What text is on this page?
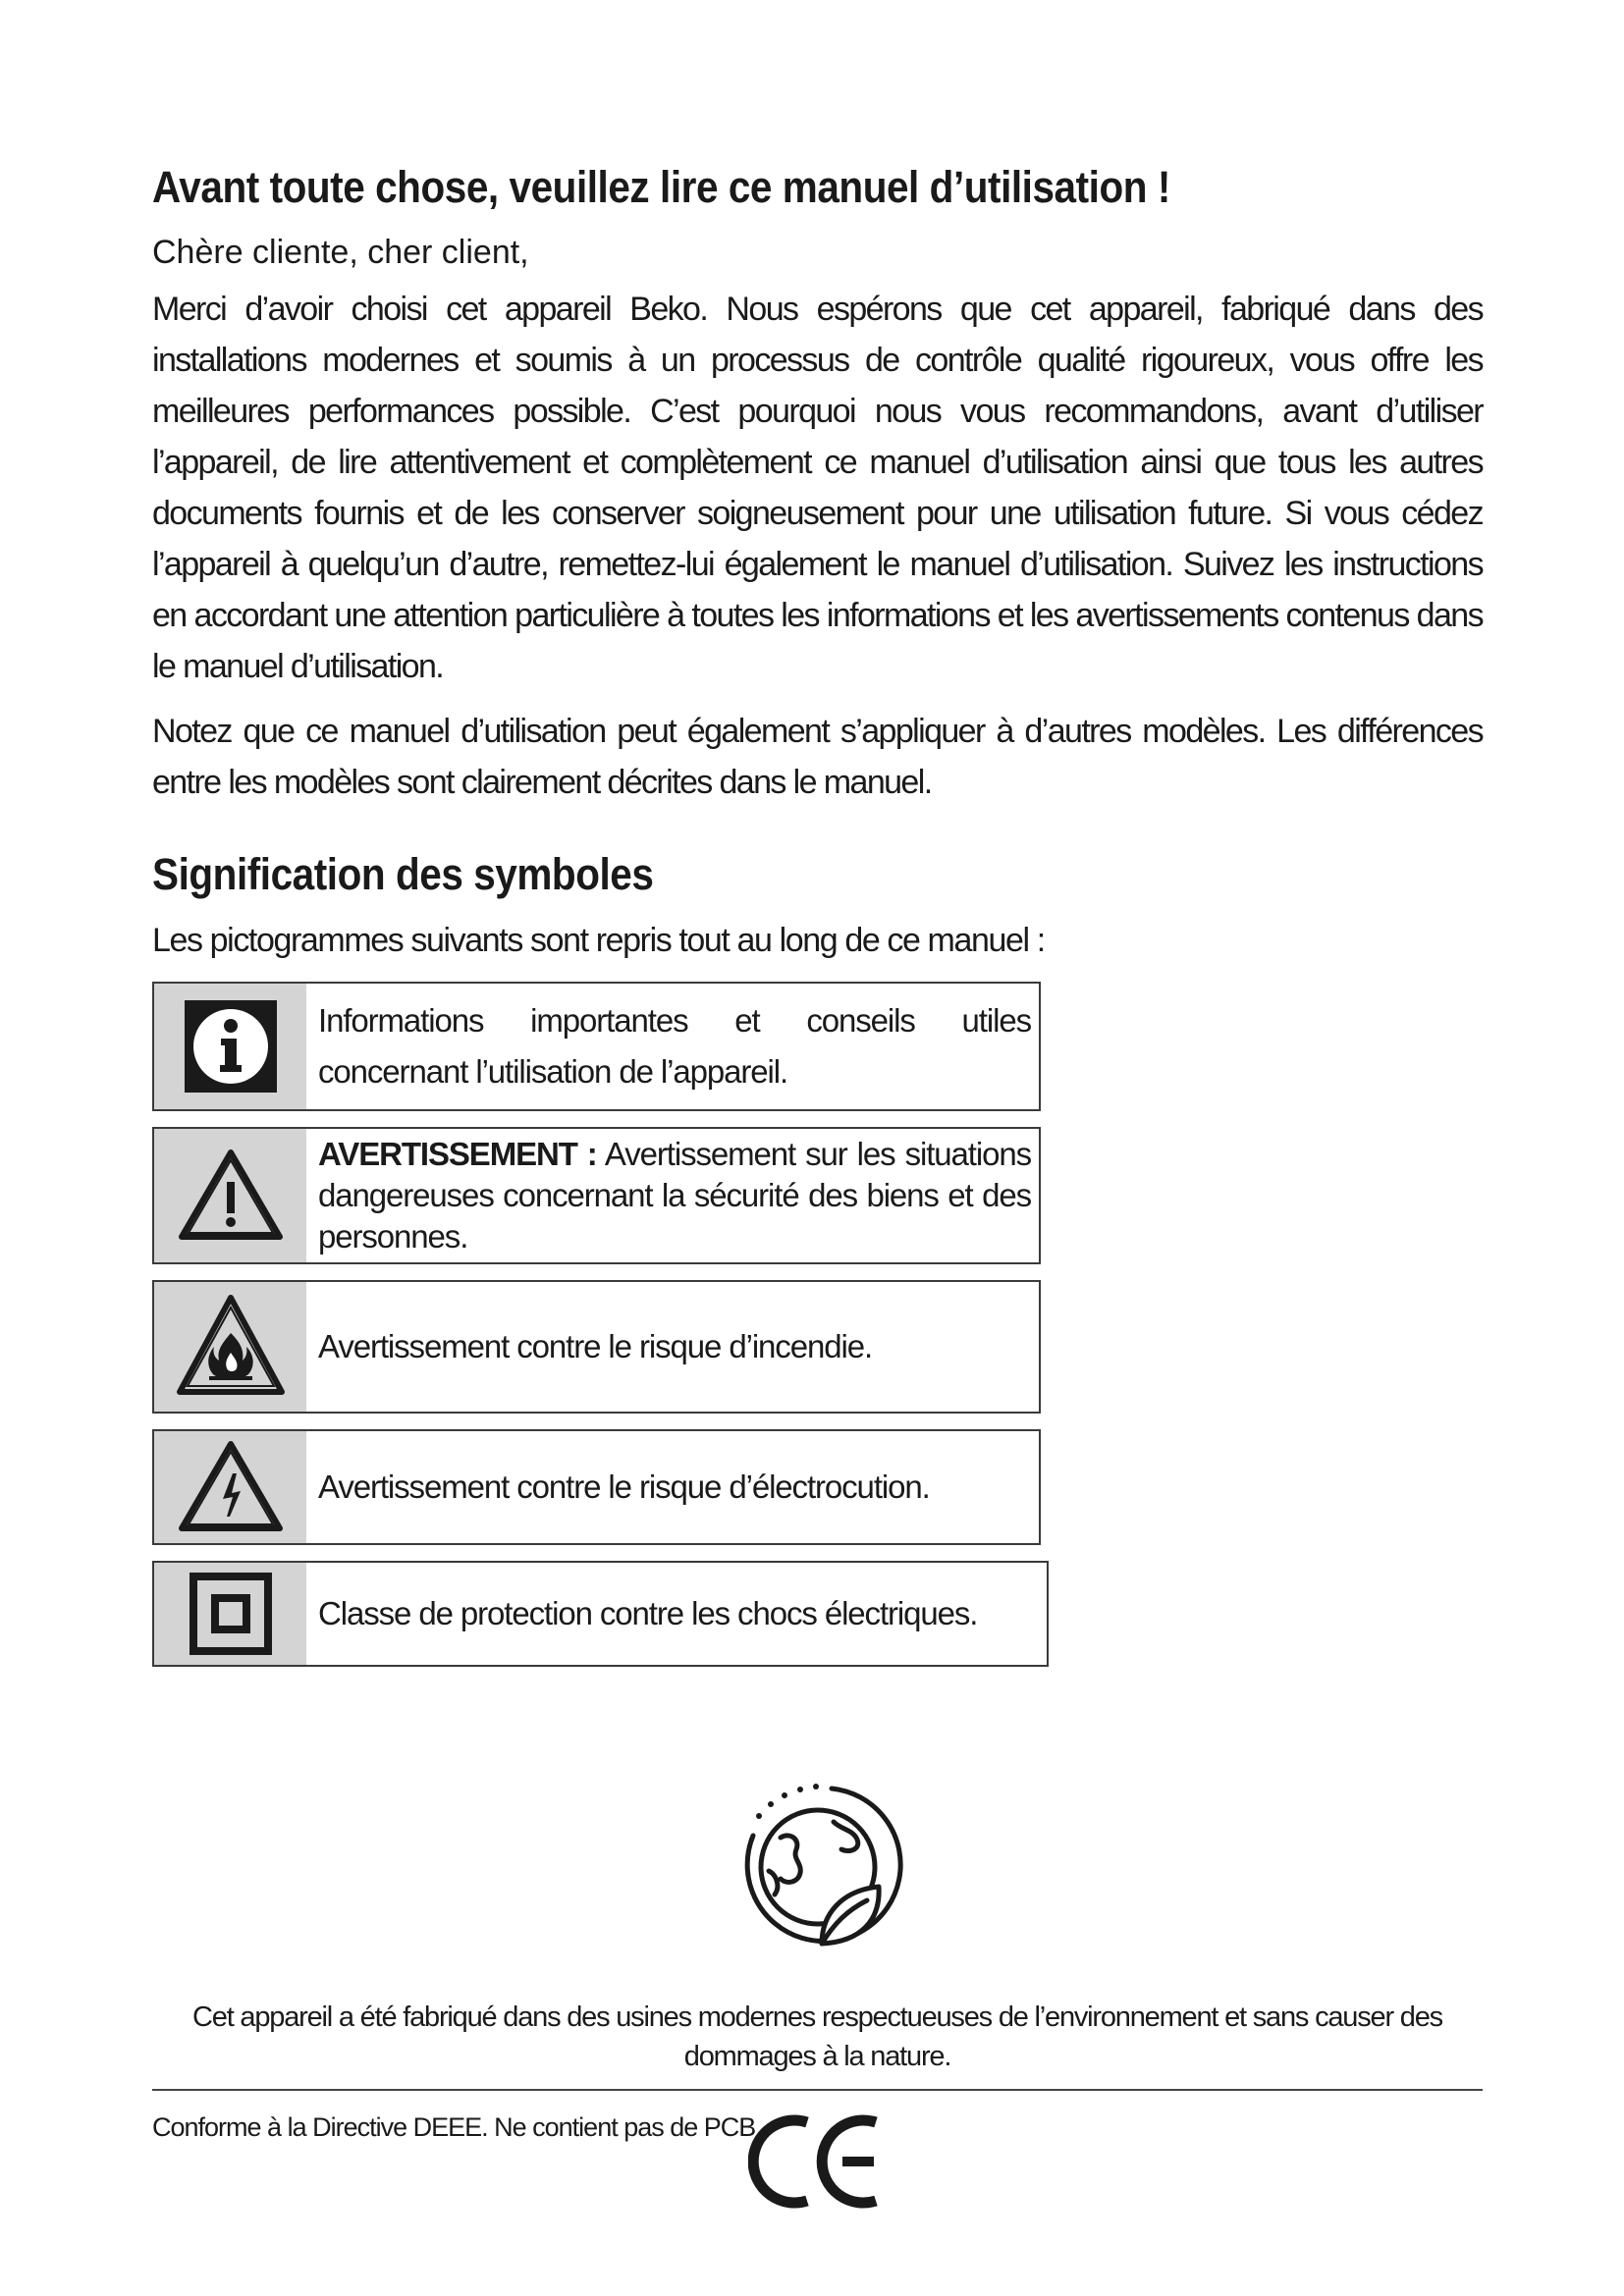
Avant toute chose, veuillez lire ce manuel d’utilisation !
Chère cliente, cher client,

Merci d’avoir choisi cet appareil Beko. Nous espérons que cet appareil, fabriqué dans des installations modernes et soumis à un processus de contrôle qualité rigoureux, vous offre les meilleures performances possible. C’est pourquoi nous vous recommandons, avant d’utiliser l’appareil, de lire attentivement et complètement ce manuel d’utilisation ainsi que tous les autres documents fournis et de les conserver soigneusement pour une utilisation future. Si vous cédez l’appareil à quelqu’un d’autre, remettez-lui également le manuel d’utilisation. Suivez les instructions en accordant une attention particulière à toutes les informations et les avertissements contenus dans le manuel d’utilisation.

Notez que ce manuel d’utilisation peut également s’appliquer à d’autres modèles. Les différences entre les modèles sont clairement décrites dans le manuel.

Signification des symboles
Les pictogrammes suivants sont repris tout au long de ce manuel :
Informations importantes et conseils utiles concernant l’utilisation de l’appareil.
AVERTISSEMENT : Avertissement sur les situations dangereuses concernant la sécurité des biens et des personnes.
Avertissement contre le risque d’incendie.
Avertissement contre le risque d’électrocution.
Classe de protection contre les chocs électriques.
Cet appareil a été fabriqué dans des usines modernes respectueuses de l’environnement et sans causer des dommages à la nature.
Conforme à la Directive DEEE. Ne contient pas de PCB.
